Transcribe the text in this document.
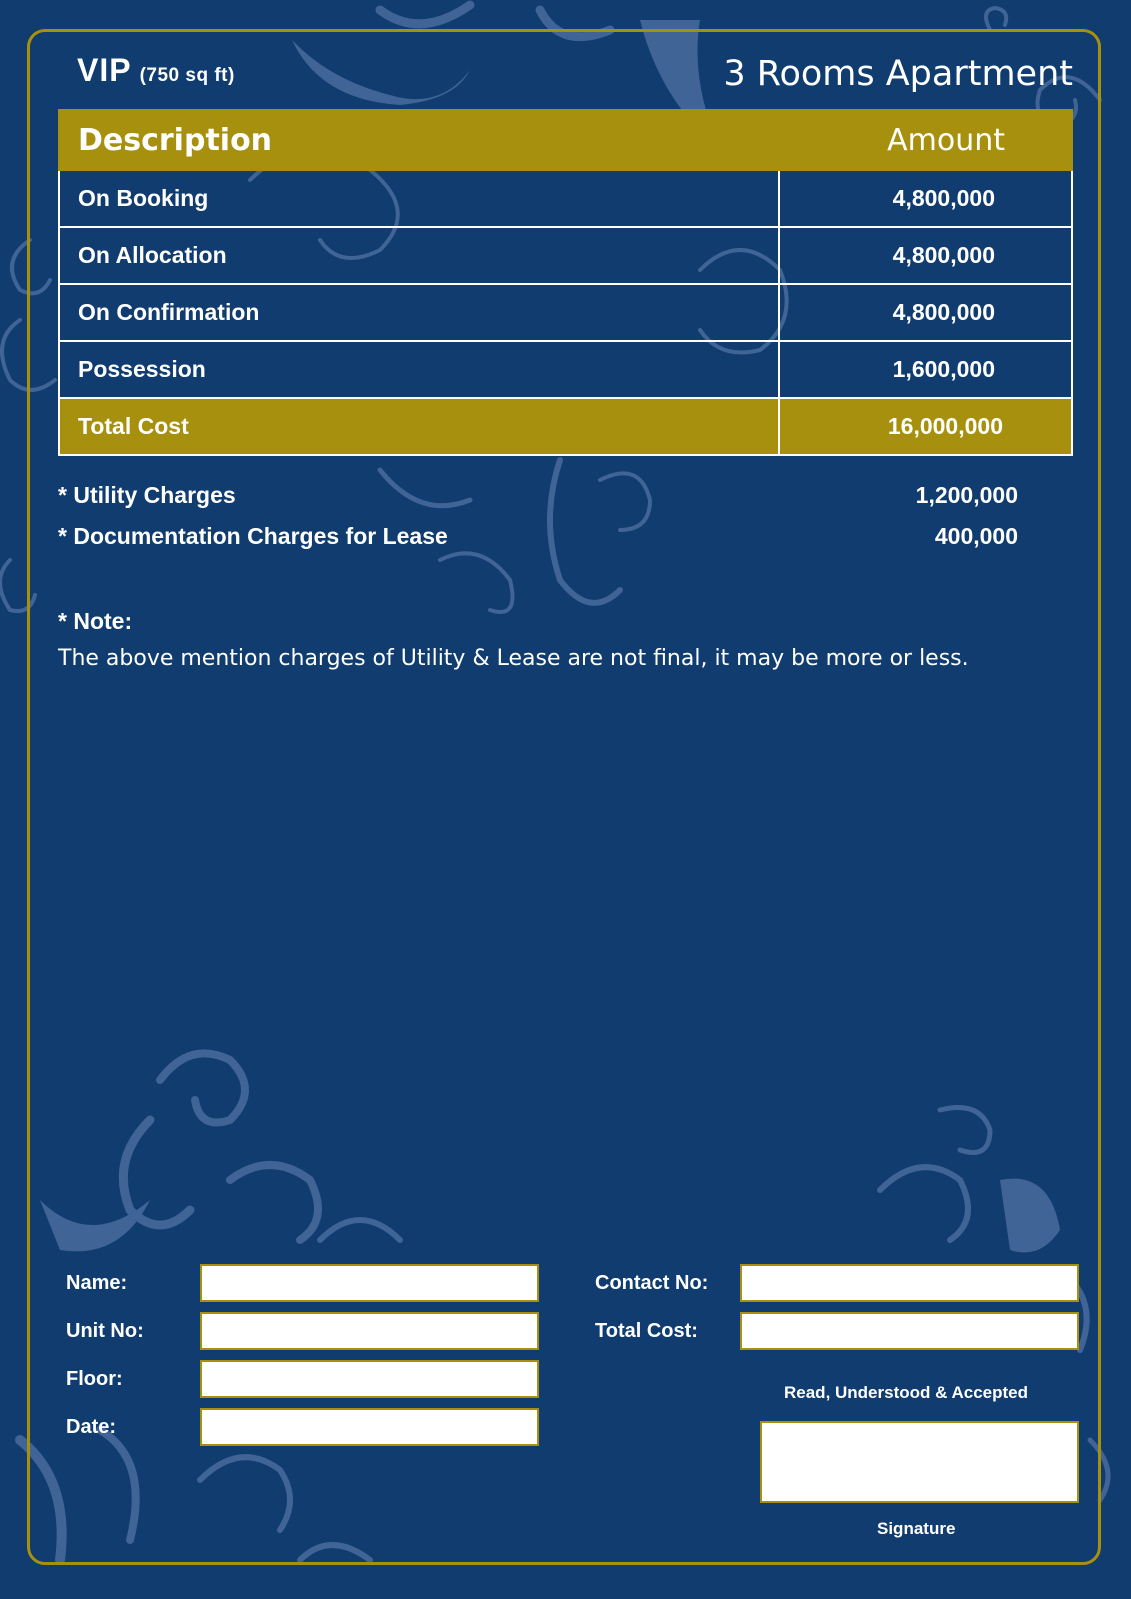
VIP (750 sq ft)	3 Rooms Apartment
Description	Amount
On Booking	4,800,000
On Allocation	4,800,000
On Confirmation	4,800,000
Possession	1,600,000
Total Cost	16,000,000
* Utility Charges	1,200,000
* Documentation Charges for Lease	400,000
* Note:
The above mention charges of Utility & Lease are not final, it may be more or less.
Name:
Unit No:
Floor:
Date:
Contact No:
Total Cost:
Read, Understood & Accepted
Signature
